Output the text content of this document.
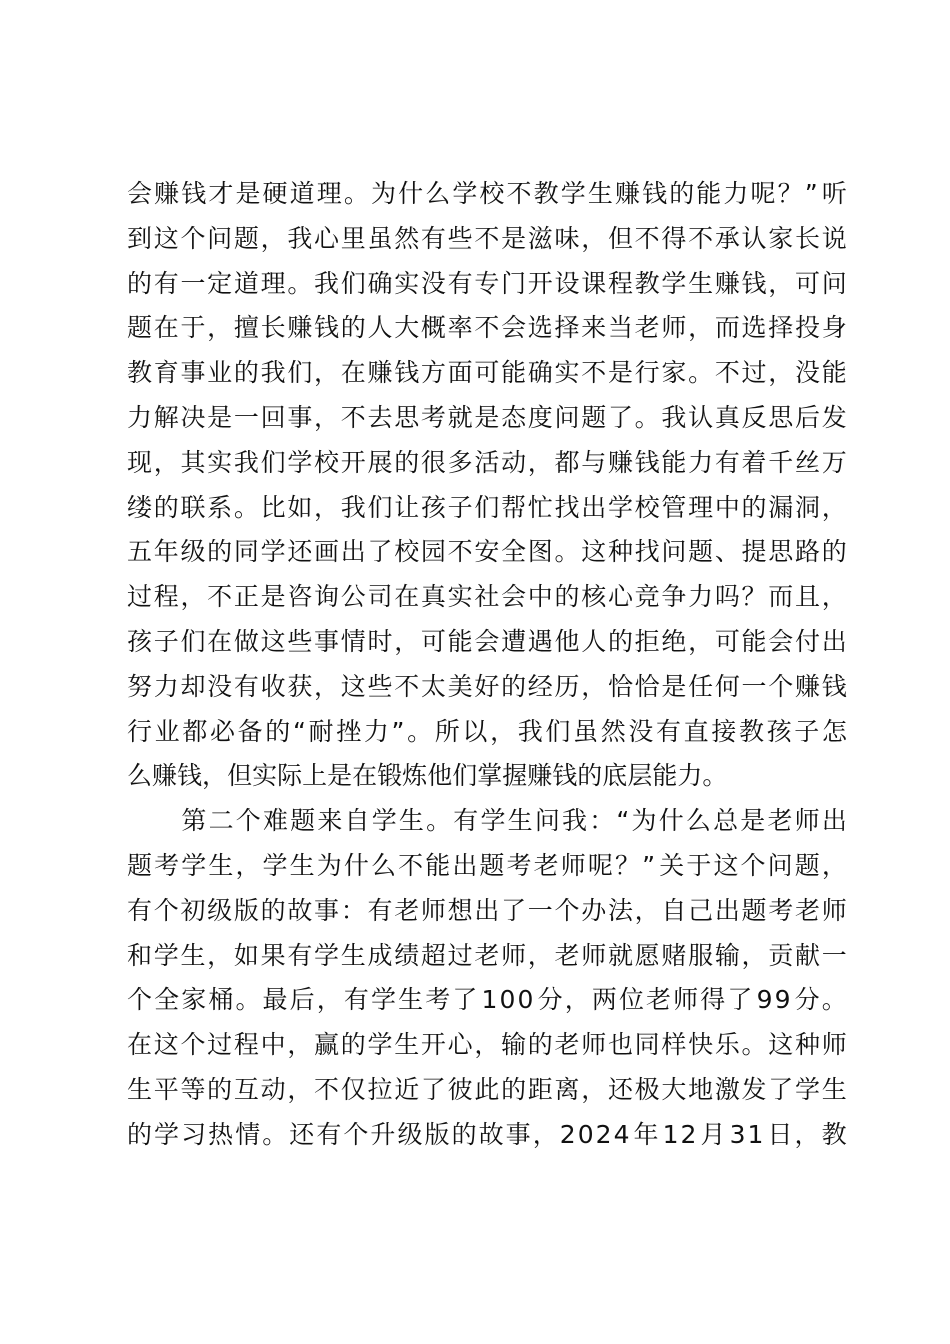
会 赚 钱 才 是 硬 道 理 。 为 什 么 学 校 不 教 学 生 赚 钱 的 能 力 呢 ？ ” 听
到 这 个 问 题 ， 我 心 里 虽 然 有 些 不 是 滋 味 ， 但 不 得 不 承 认 家 长 说
的 有 一 定 道 理 。 我 们 确 实 没 有 专 门 开 设 课 程 教 学 生 赚 钱 ， 可 问
题 在 于 ， 擅 长 赚 钱 的 人 大 概 率 不 会 选 择 来 当 老 师 ， 而 选 择 投 身
教 育 事 业 的 我 们 ， 在 赚 钱 方 面 可 能 确 实 不 是 行 家 。 不 过 ， 没 能
力 解 决 是 一 回 事 ， 不 去 思 考 就 是 态 度 问 题 了 。 我 认 真 反 思 后 发
现 ， 其 实 我 们 学 校 开 展 的 很 多 活 动 ， 都 与 赚 钱 能 力 有 着 千 丝 万
缕 的 联 系 。 比 如 ， 我 们 让 孩 子 们 帮 忙 找 出 学 校 管 理 中 的 漏 洞 ，
五 年 级 的 同 学 还 画 出 了 校 园 不 安 全 图 。 这 种 找 问 题 、 提 思 路 的
过 程 ， 不 正 是 咨 询 公 司 在 真 实 社 会 中 的 核 心 竞 争 力 吗 ？ 而 且 ，
孩 子 们 在 做 这 些 事 情 时 ， 可 能 会 遭 遇 他 人 的 拒 绝 ， 可 能 会 付 出
努 力 却 没 有 收 获 ， 这 些 不 太 美 好 的 经 历 ， 恰 恰 是 任 何 一 个 赚 钱
行 业 都 必 备 的 “ 耐 挫 力 ” 。 所 以 ， 我 们 虽 然 没 有 直 接 教 孩 子 怎
么 赚 钱 ， 但 实 际 上 是 在 锻 炼 他 们 掌 握 赚 钱 的 底 层 能 力 。

第 二 个 难 题 来 自 学 生 。 有 学 生 问 我 ： “ 为 什 么 总 是 老 师 出
题 考 学 生 ， 学 生 为 什 么 不 能 出 题 考 老 师 呢 ？ ” 关 于 这 个 问 题 ，
有 个 初 级 版 的 故 事 ： 有 老 师 想 出 了 一 个 办 法 ， 自 己 出 题 考 老 师
和 学 生 ， 如 果 有 学 生 成 绩 超 过 老 师 ， 老 师 就 愿 赌 服 输 ， 贡 献 一
个 全 家 桶 。 最 后 ， 有 学 生 考 了 1 0 0 分 ， 两 位 老 师 得 了 9 9 分 。
在 这 个 过 程 中 ， 赢 的 学 生 开 心 ， 输 的 老 师 也 同 样 快 乐 。 这 种 师
生 平 等 的 互 动 ， 不 仅 拉 近 了 彼 此 的 距 离 ， 还 极 大 地 激 发 了 学 生
的 学 习 热 情 。 还 有 个 升 级 版 的 故 事 ， 2 0 2 4 年 1 2 月 3 1 日 ， 教
